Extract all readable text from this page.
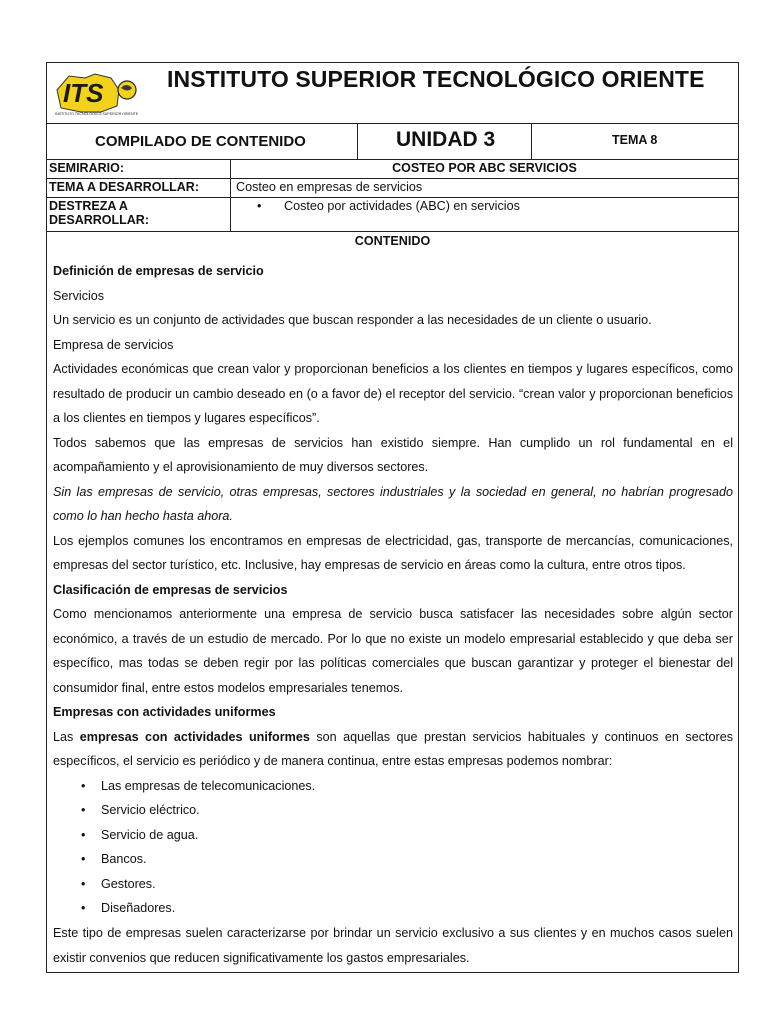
ITS
INSTITUTO TECNOLÓGICO SUPERIOR ORIENTE
INSTITUTO SUPERIOR TECNOLÓGICO ORIENTE
COMPILADO DE CONTENIDO	UNIDAD 3	TEMA 8
SEMIRARIO:	COSTEO POR ABC SERVICIOS
TEMA A DESARROLLAR:	Costeo en empresas de servicios
DESTREZA A DESARROLLAR:
• Costeo por actividades (ABC) en servicios
CONTENIDO

Definición de empresas de servicio

Servicios

Un servicio es un conjunto de actividades que buscan responder a las necesidades de un cliente o usuario.

Empresa de servicios

Actividades económicas que crean valor y proporcionan beneficios a los clientes en tiempos y lugares específicos, como resultado de producir un cambio deseado en (o a favor de) el receptor del servicio. “crean valor y proporcionan beneficios a los clientes en tiempos y lugares específicos”.

Todos sabemos que las empresas de servicios han existido siempre. Han cumplido un rol fundamental en el acompañamiento y el aprovisionamiento de muy diversos sectores.

Sin las empresas de servicio, otras empresas, sectores industriales y la sociedad en general, no habrían progresado como lo han hecho hasta ahora.

Los ejemplos comunes los encontramos en empresas de electricidad, gas, transporte de mercancías, comunicaciones, empresas del sector turístico, etc. Inclusive, hay empresas de servicio en áreas como la cultura, entre otros tipos.

Clasificación de empresas de servicios

Como mencionamos anteriormente una empresa de servicio busca satisfacer las necesidades sobre algún sector económico, a través de un estudio de mercado. Por lo que no existe un modelo empresarial establecido y que deba ser específico, mas todas se deben regir por las políticas comerciales que buscan garantizar y proteger el bienestar del consumidor final, entre estos modelos empresariales tenemos.

Empresas con actividades uniformes

Las empresas con actividades uniformes son aquellas que prestan servicios habituales y continuos en sectores específicos, el servicio es periódico y de manera continua, entre estas empresas podemos nombrar:

• Las empresas de telecomunicaciones.
• Servicio eléctrico.
• Servicio de agua.
• Bancos.
• Gestores.
• Diseñadores.

Este tipo de empresas suelen caracterizarse por brindar un servicio exclusivo a sus clientes y en muchos casos suelen existir convenios que reducen significativamente los gastos empresariales.
